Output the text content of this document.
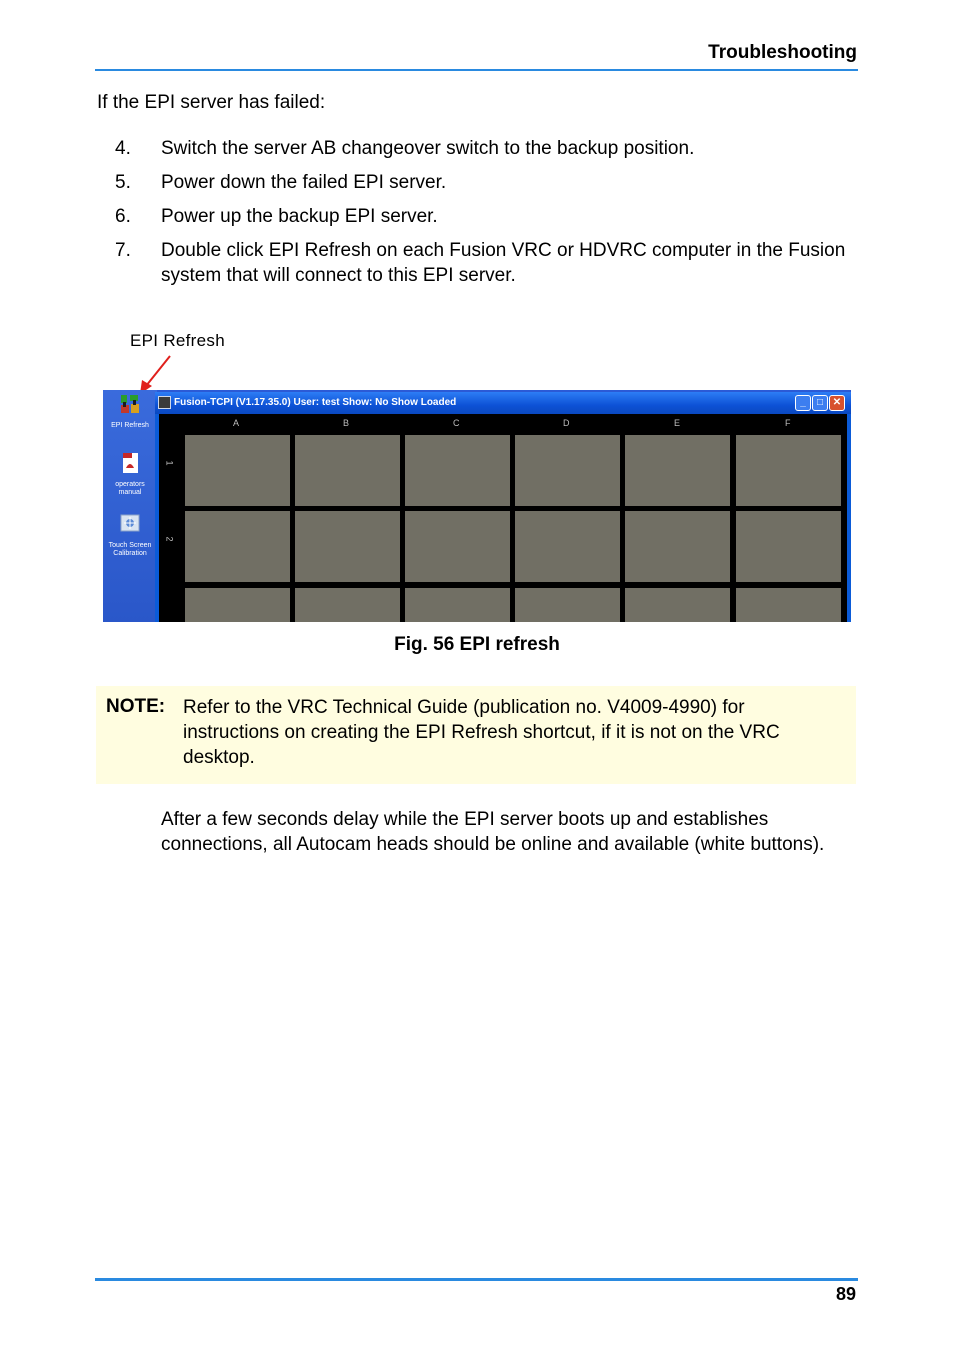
Troubleshooting
If the EPI server has failed:
4.	Switch the server AB changeover switch to the backup position.
5.	Power down the failed EPI server.
6.	Power up the backup EPI server.
7.	Double click EPI Refresh on each Fusion VRC or HDVRC computer in the Fusion system that will connect to this EPI server.
EPI Refresh
EPI Refresh
operators manual
Touch Screen Calibration
Fusion-TCPI (V1.17.35.0) User: test Show: No Show Loaded	_	□ ✕
A	B	C	D	E	F
1
2
Fig. 56 EPI refresh
NOTE: Refer to the VRC Technical Guide (publication no. V4009-4990) for instructions on creating the EPI Refresh shortcut, if it is not on the VRC desktop.
After a few seconds delay while the EPI server boots up and establishes connections, all Autocam heads should be online and available (white buttons).
89
